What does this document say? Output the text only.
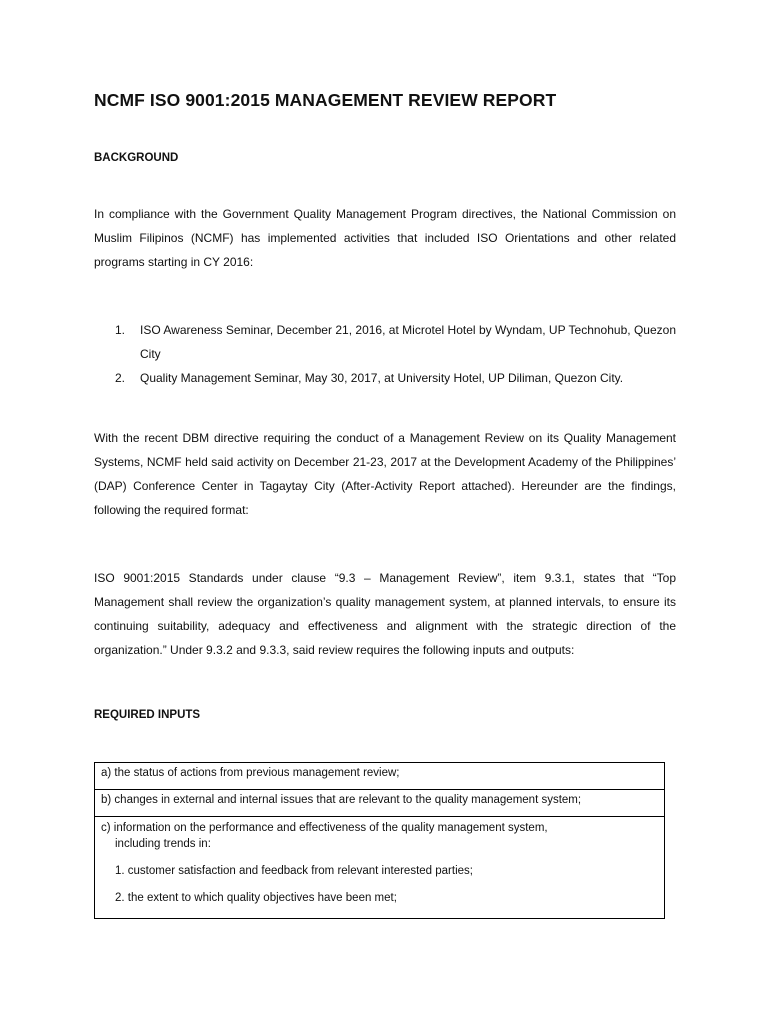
NCMF ISO 9001:2015 MANAGEMENT REVIEW REPORT
BACKGROUND
In compliance with the Government Quality Management Program directives, the National Commission on Muslim Filipinos (NCMF) has implemented activities that included ISO Orientations and other related programs starting in CY 2016:
1. ISO Awareness Seminar, December 21, 2016, at Microtel Hotel by Wyndam, UP Technohub, Quezon City
2. Quality Management Seminar, May 30, 2017, at University Hotel, UP Diliman, Quezon City.
With the recent DBM directive requiring the conduct of a Management Review on its Quality Management Systems, NCMF held said activity on December 21-23, 2017 at the Development Academy of the Philippines’ (DAP) Conference Center in Tagaytay City (After-Activity Report attached). Hereunder are the findings, following the required format:
ISO 9001:2015 Standards under clause “9.3 – Management Review”, item 9.3.1, states that “Top Management shall review the organization’s quality management system, at planned intervals, to ensure its continuing suitability, adequacy and effectiveness and alignment with the strategic direction of the organization.” Under 9.3.2 and 9.3.3, said review requires the following inputs and outputs:
REQUIRED INPUTS
a) the status of actions from previous management review;
b) changes in external and internal issues that are relevant to the quality management system;

c) information on the performance and effectiveness of the quality management system,
including trends in:
1. customer satisfaction and feedback from relevant interested parties;
2. the extent to which quality objectives have been met;
